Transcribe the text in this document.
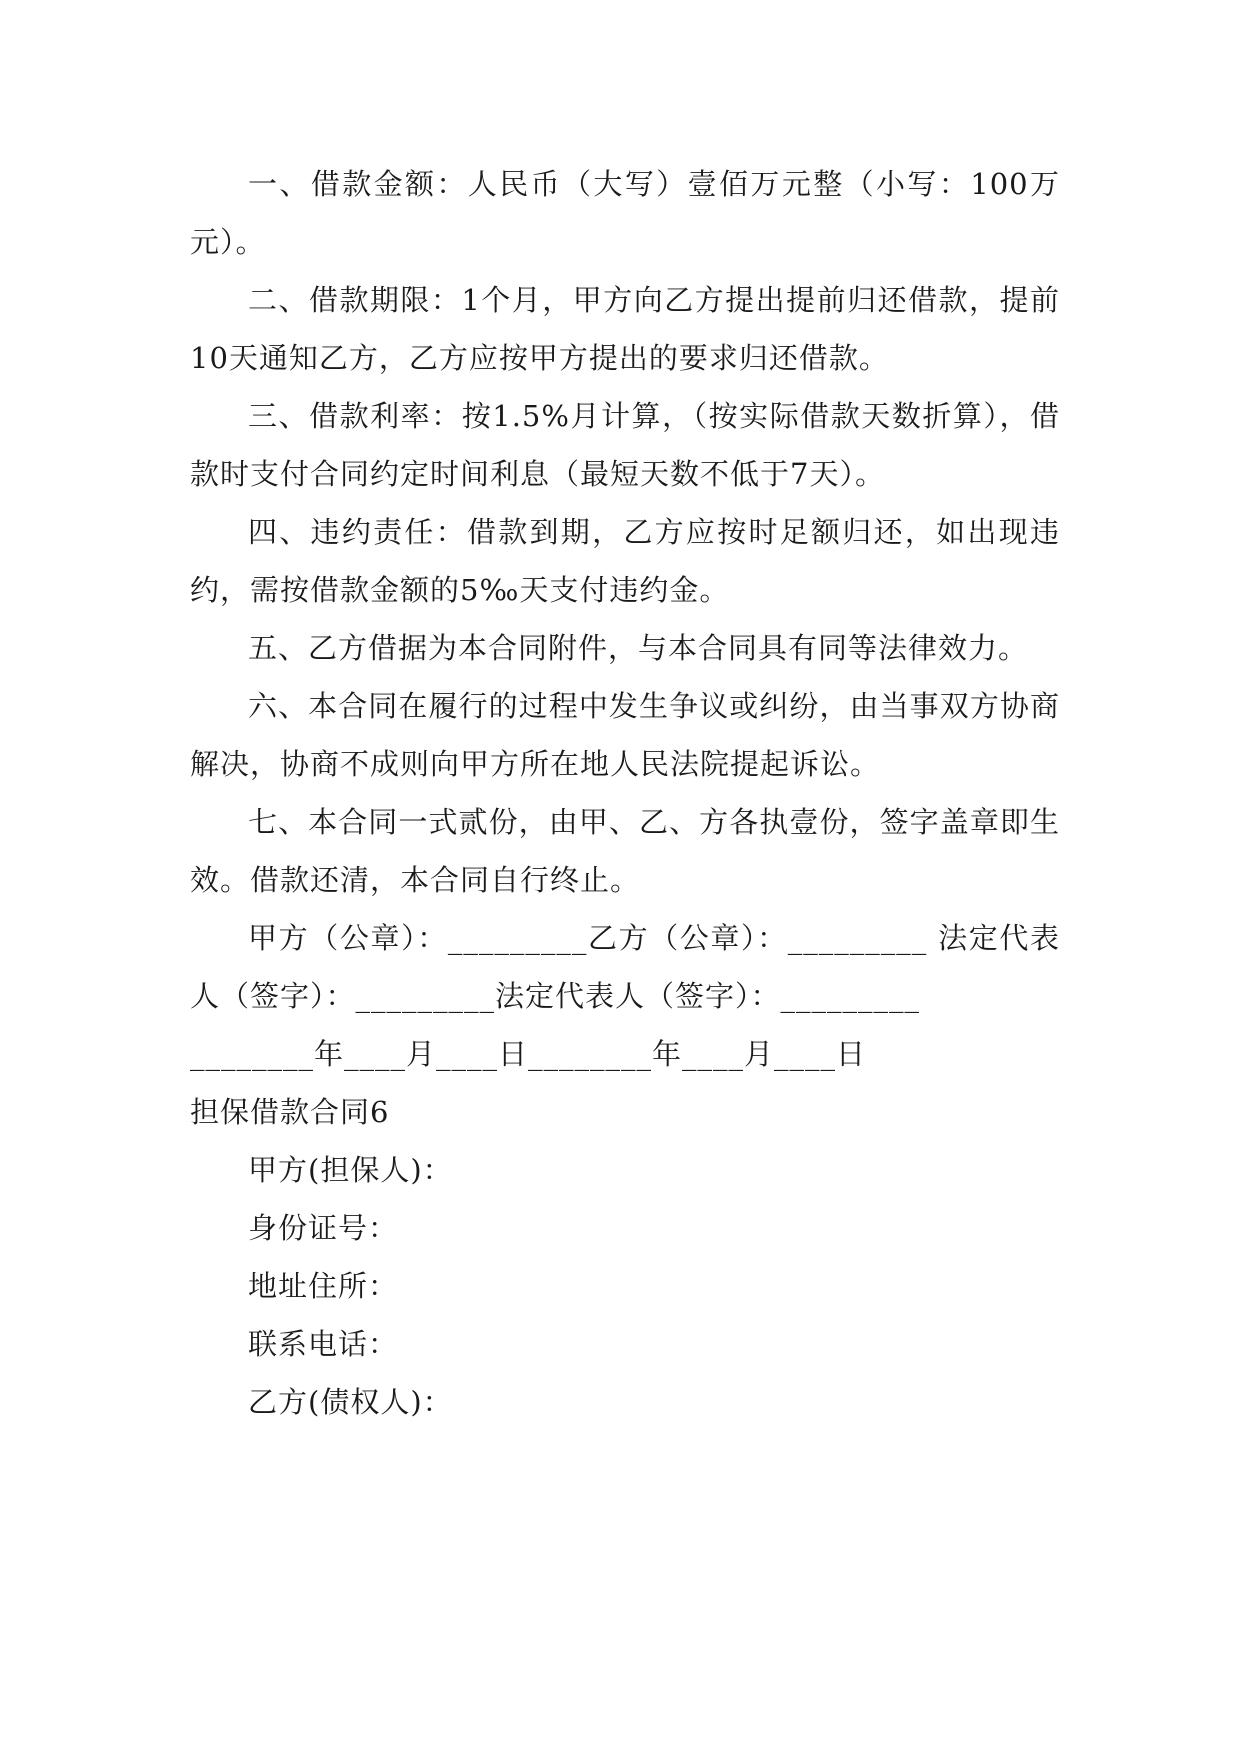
一、借款金额：人民币（大写）壹佰万元整（小写：100万元）。

二、借款期限：1个月，甲方向乙方提出提前归还借款，提前10天通知乙方，乙方应按甲方提出的要求归还借款。

三、借款利率：按1.5%月计算，（按实际借款天数折算），借款时支付合同约定时间利息（最短天数不低于7天）。

四、违约责任：借款到期，乙方应按时足额归还，如出现违约，需按借款金额的5‰天支付违约金。

五、乙方借据为本合同附件，与本合同具有同等法律效力。

六、本合同在履行的过程中发生争议或纠纷，由当事双方协商解决，协商不成则向甲方所在地人民法院提起诉讼。

七、本合同一式贰份，由甲、乙、方各执壹份，签字盖章即生效。借款还清，本合同自行终止。

甲方（公章）：_________乙方（公章）：_________ 法定代表人（签字）：_________法定代表人（签字）：_________

________年____月____日________年____月____日

担保借款合同6

甲方(担保人)：

身份证号：

地址住所：

联系电话：

乙方(债权人)：
